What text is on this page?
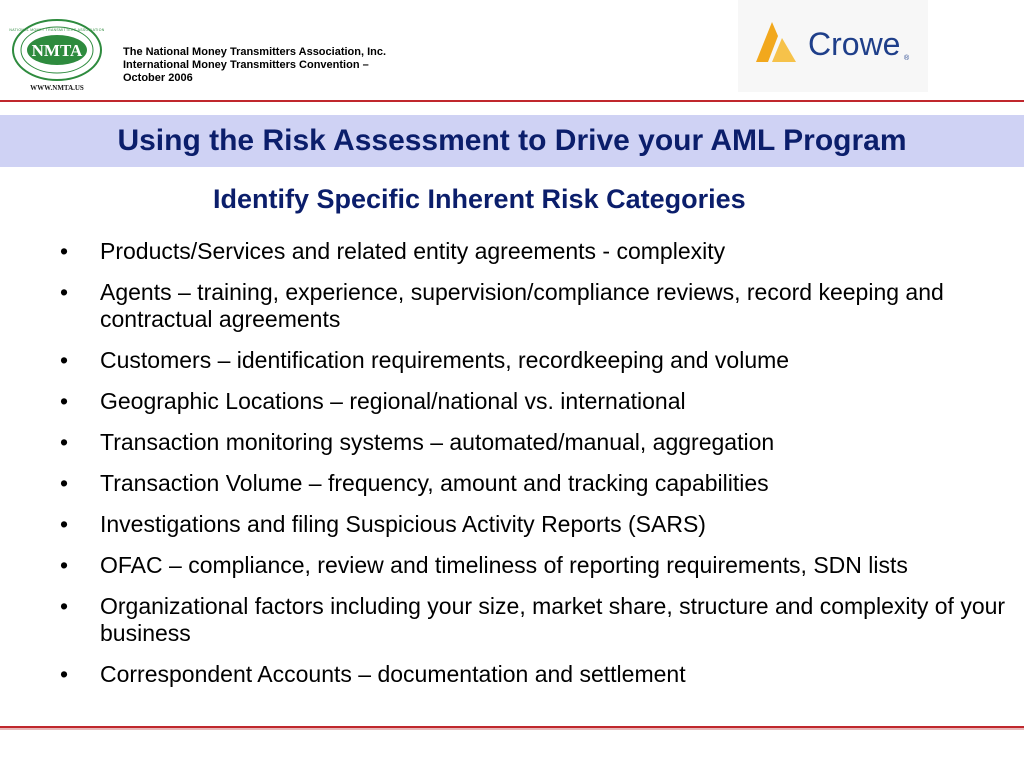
NMTA
NATIONAL MONEY TRANSMITTERS ASSOCIATION
WWW.NMTA.US
The National Money Transmitters Association, Inc.
International Money Transmitters Convention –
October 2006
Crowe ®
Using the Risk Assessment to Drive your AML Program
Identify Specific Inherent Risk Categories
• Products/Services and related entity agreements - complexity
• Agents – training, experience, supervision/compliance reviews, record keeping and contractual agreements
• Customers – identification requirements, recordkeeping and volume
• Geographic Locations – regional/national vs. international
• Transaction monitoring systems – automated/manual, aggregation
• Transaction Volume – frequency, amount and tracking capabilities
• Investigations and filing Suspicious Activity Reports (SARS)
• OFAC – compliance, review and timeliness of reporting requirements, SDN lists
• Organizational factors including your size, market share, structure and complexity of your business
• Correspondent Accounts – documentation and settlement
